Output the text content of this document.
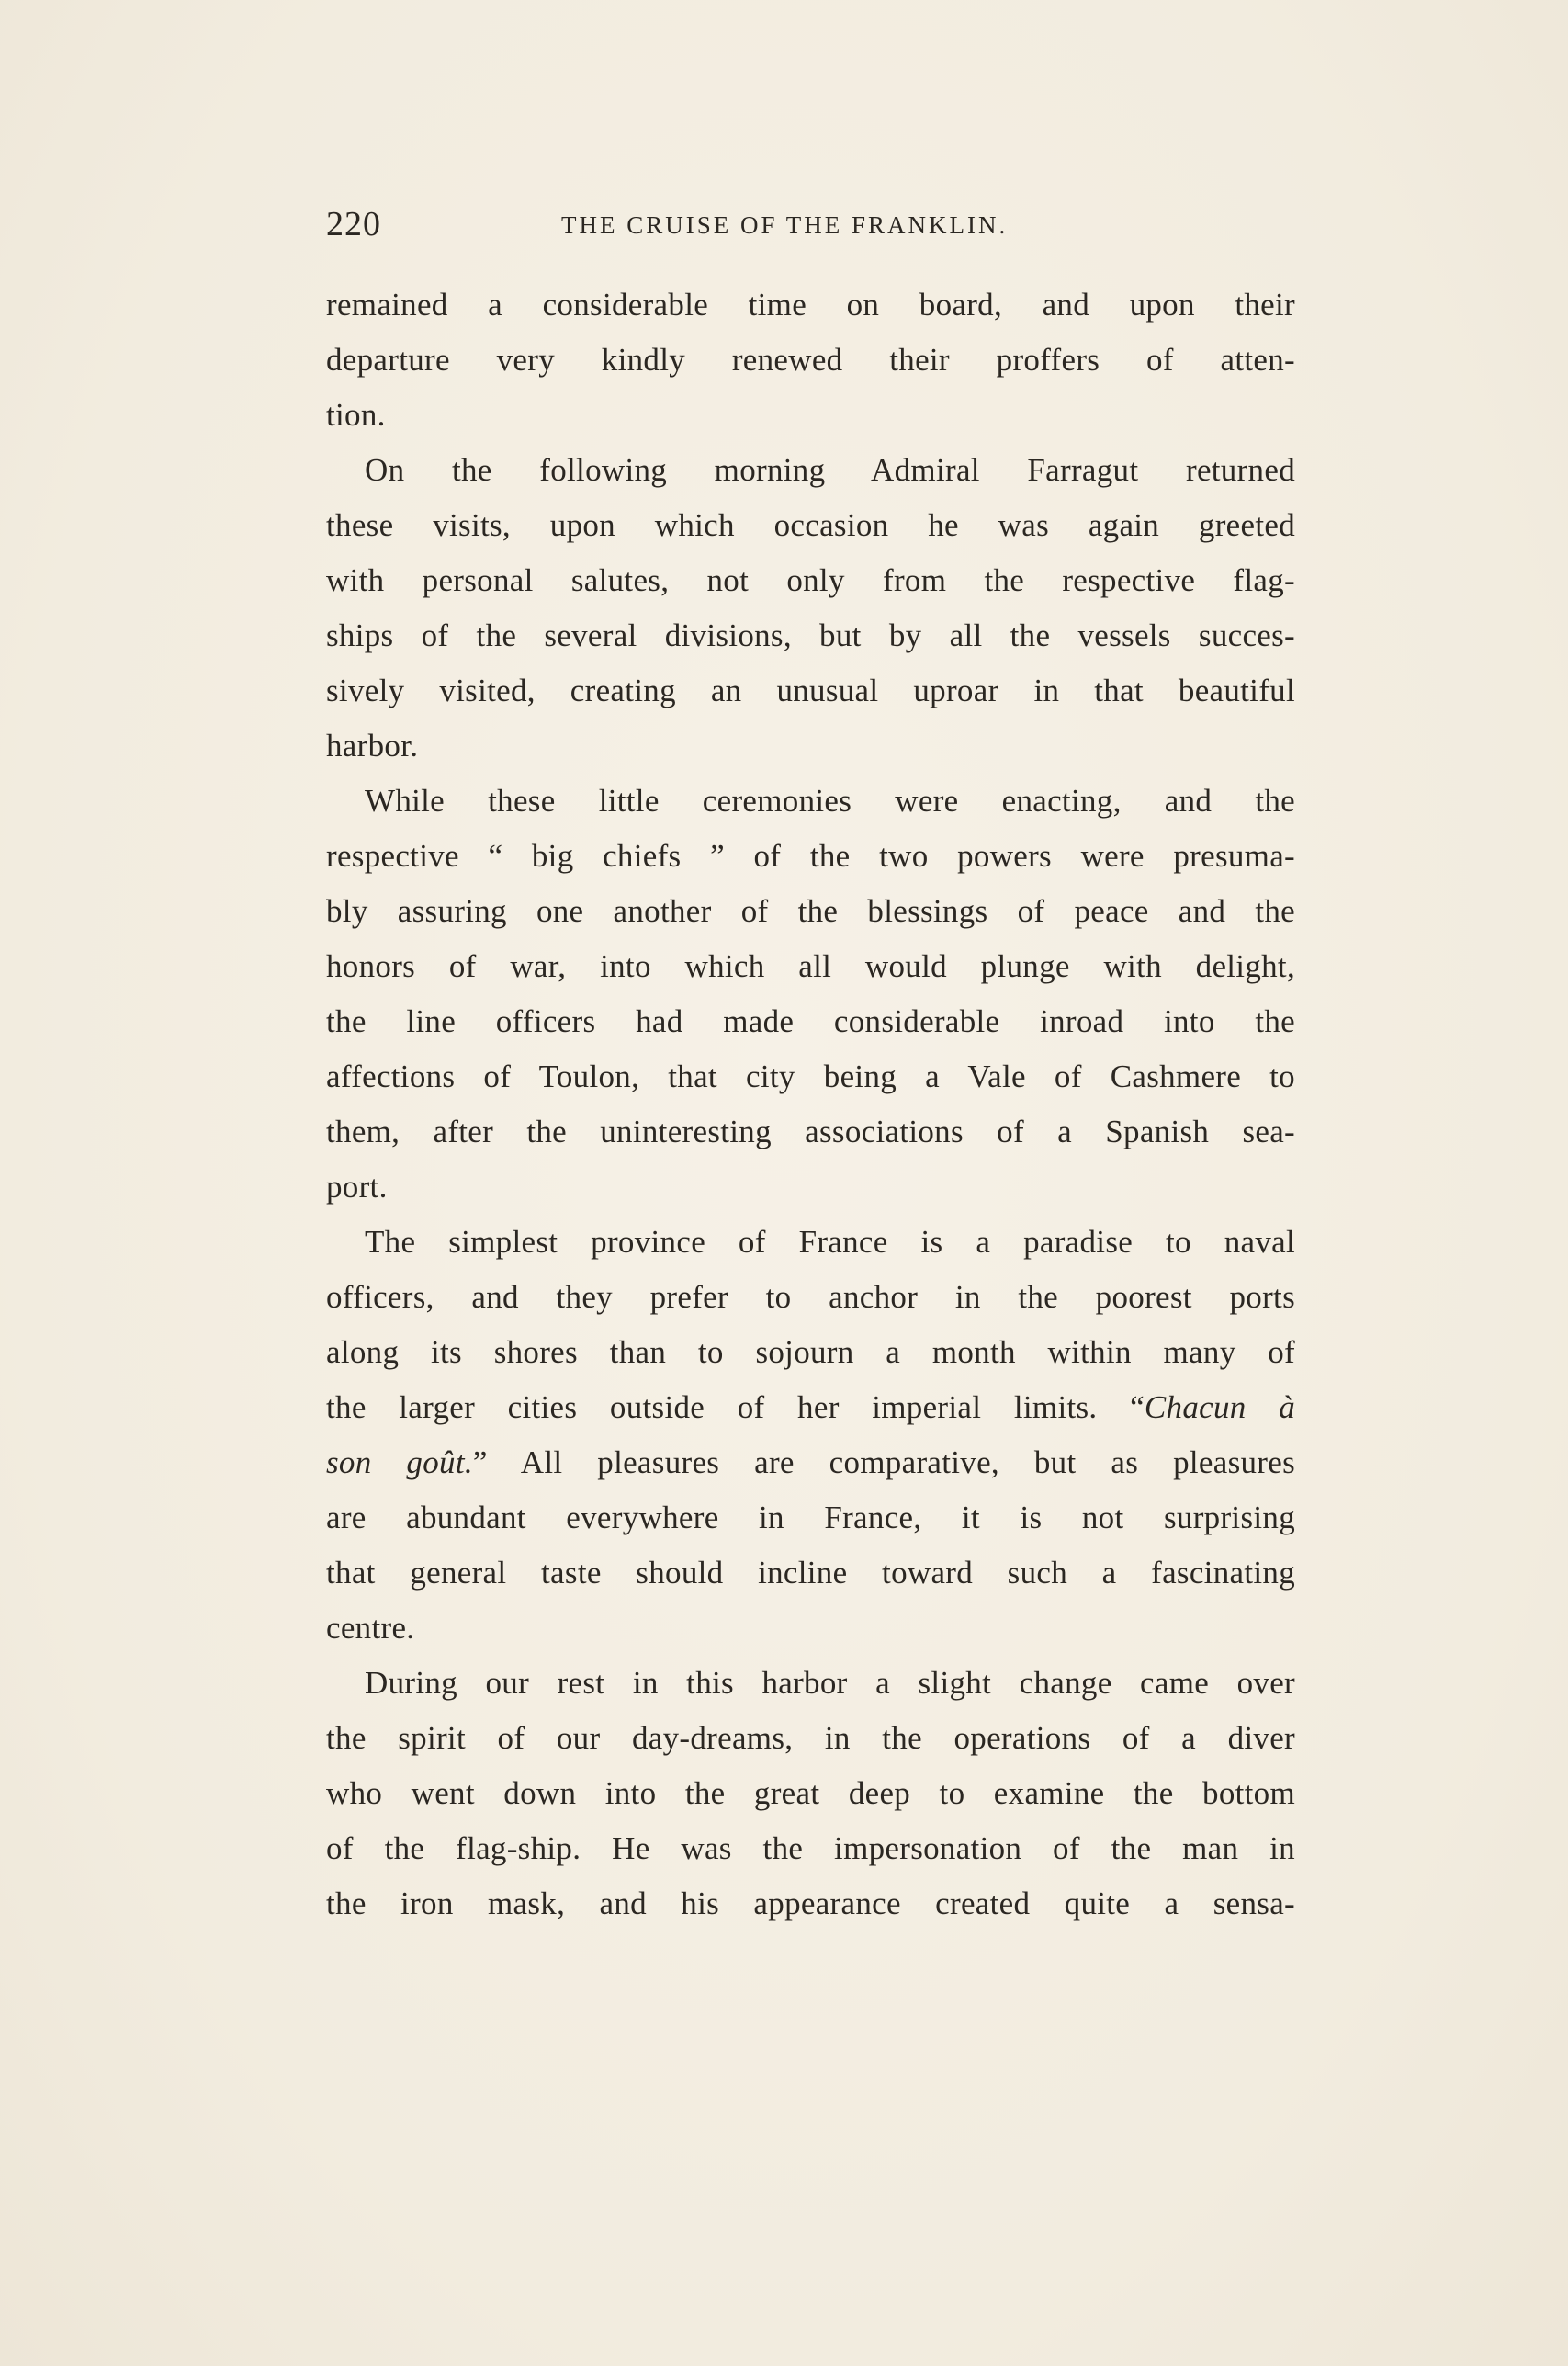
220	THE CRUISE OF THE FRANKLIN.
remained a considerable time on board, and upon their
departure very kindly renewed their proffers of atten-
tion.
On the following morning Admiral Farragut returned
these visits, upon which occasion he was again greeted
with personal salutes, not only from the respective flag-
ships of the several divisions, but by all the vessels succes-
sively visited, creating an unusual uproar in that beautiful
harbor.
While these little ceremonies were enacting, and the
respective “ big chiefs ” of the two powers were presuma-
bly assuring one another of the blessings of peace and the
honors of war, into which all would plunge with delight,
the line officers had made considerable inroad into the
affections of Toulon, that city being a Vale of Cashmere to
them, after the uninteresting associations of a Spanish sea-
port.
The simplest province of France is a paradise to naval
officers, and they prefer to anchor in the poorest ports
along its shores than to sojourn a month within many of
the larger cities outside of her imperial limits. “Chacun à
son goût.” All pleasures are comparative, but as pleasures
are abundant everywhere in France, it is not surprising
that general taste should incline toward such a fascinating
centre.
During our rest in this harbor a slight change came over
the spirit of our day-dreams, in the operations of a diver
who went down into the great deep to examine the bottom
of the flag-ship. He was the impersonation of the man in
the iron mask, and his appearance created quite a sensa-
